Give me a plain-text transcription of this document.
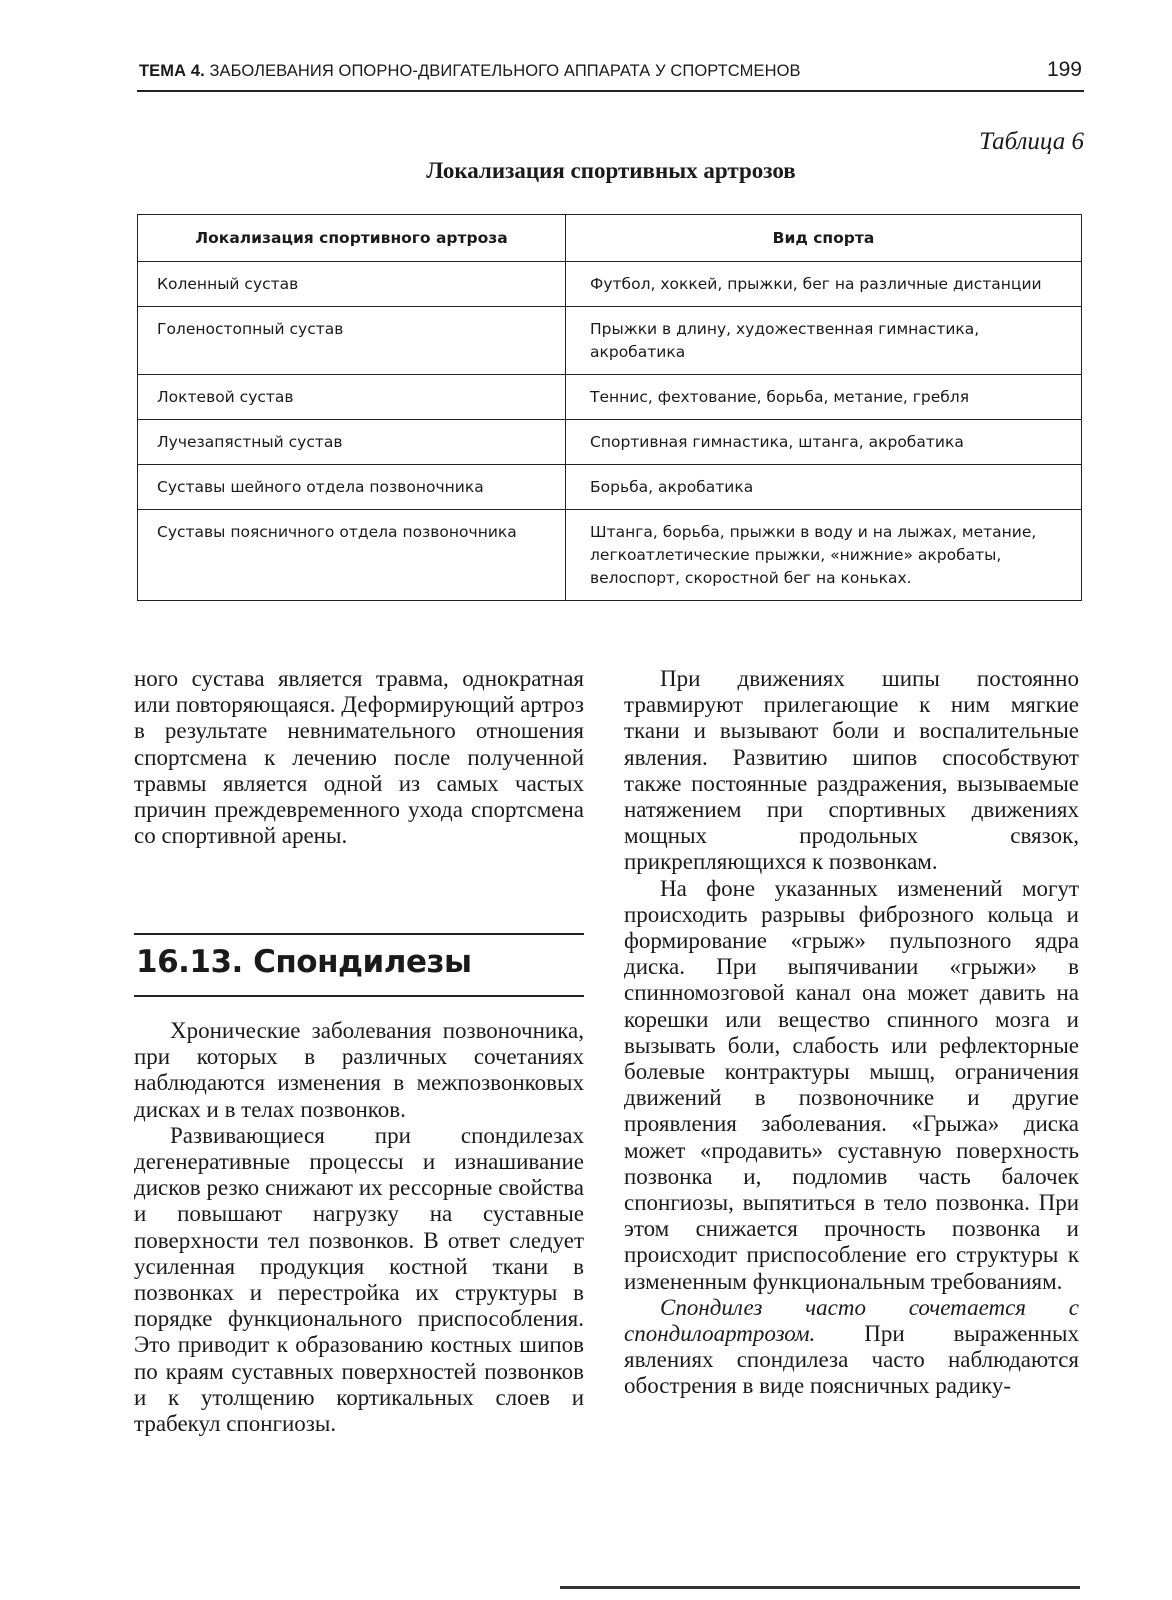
ТЕМА 4. ЗАБОЛЕВАНИЯ ОПОРНО-ДВИГАТЕЛЬНОГО АППАРАТА У СПОРТСМЕНОВ	199
Таблица 6
Локализация спортивных артрозов
Локализация спортивного артроза	Вид спорта
Коленный сустав	Футбол, хоккей, прыжки, бег на различные дистанции
Голеностопный сустав	Прыжки в длину, художественная гимнастика, акробатика
Локтевой сустав	Теннис, фехтование, борьба, метание, гребля
Лучезапястный сустав	Спортивная гимнастика, штанга, акробатика
Суставы шейного отдела позвоночника	Борьба, акробатика
Суставы поясничного отдела позвоночника	Штанга, борьба, прыжки в воду и на лыжах, метание, легкоатлетические прыжки, «нижние» акробаты, велоспорт, скоростной бег на коньках.

ного сустава является травма, однократная или повторяющаяся. Деформирующий артроз в результате невнимательного отношения спортсмена к лечению после полученной травмы является одной из самых частых причин преждевременного ухода спортсмена со спортивной арены.

16.13. Спондилезы

Хронические заболевания позвоночника, при которых в различных сочетаниях наблюдаются изменения в межпозвонковых дисках и в телах позвонков.

Развивающиеся при спондилезах дегенеративные процессы и изнашивание дисков резко снижают их рессорные свойства и повышают нагрузку на суставные поверхности тел позвонков. В ответ следует усиленная продукция костной ткани в позвонках и перестройка их структуры в порядке функционального приспособления. Это приводит к образованию костных шипов по краям суставных поверхностей позвонков и к утолщению кортикальных слоев и трабекул спонгиозы.

При движениях шипы постоянно травмируют прилегающие к ним мягкие ткани и вызывают боли и воспалительные явления. Развитию шипов способствуют также постоянные раздражения, вызываемые натяжением при спортивных движениях мощных продольных связок, прикрепляющихся к позвонкам.

На фоне указанных изменений могут происходить разрывы фиброзного кольца и формирование «грыж» пульпозного ядра диска. При выпячивании «грыжи» в спинномозговой канал она может давить на корешки или вещество спинного мозга и вызывать боли, слабость или рефлекторные болевые контрактуры мышц, ограничения движений в позвоночнике и другие проявления заболевания. «Грыжа» диска может «продавить» суставную поверхность позвонка и, подломив часть балочек спонгиозы, выпятиться в тело позвонка. При этом снижается прочность позвонка и происходит приспособление его структуры к измененным функциональным требованиям.

Спондилез часто сочетается с спондилоартрозом. При выраженных явлениях спондилеза часто наблюдаются обострения в виде поясничных радику-
